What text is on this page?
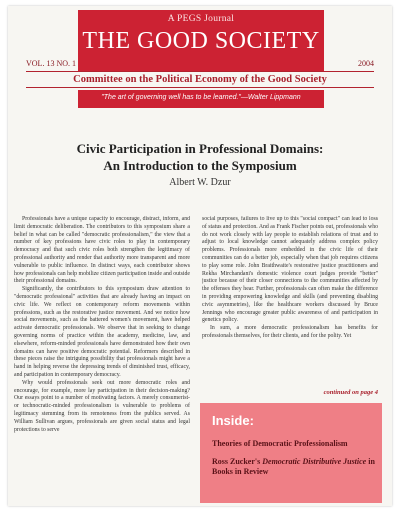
A PEGS Journal
THE GOOD SOCIETY
VOL. 13 NO. 1	2004
Committee on the Political Economy of the Good Society
"The art of governing well has to be learned."—Walter Lippmann
Civic Participation in Professional Domains:
An Introduction to the Symposium
Albert W. Dzur

Professionals have a unique capacity to encourage, distract, inform, and limit democratic deliberation. The contributors to this symposium share a belief in what can be called "democratic professionalism," the view that a number of key professions have civic roles to play in contemporary democracy and that such civic roles both strengthen the legitimacy of professional authority and render that authority more transparent and more vulnerable to public influence. In distinct ways, each contributor shows how professionals can help mobilize citizen participation inside and outside their professional domains.

Significantly, the contributors to this symposium draw attention to "democratic professional" activities that are already having an impact on civic life. We reflect on contemporary reform movements within professions, such as the restorative justice movement. And we notice how social movements, such as the battered women's movement, have helped activate democratic professionals. We observe that in seeking to change governing norms of practice within the academy, medicine, law, and elsewhere, reform-minded professionals have demonstrated how their own domains can have positive democratic potential. Reformers described in these pieces raise the intriguing possibility that professionals might have a hand in helping reverse the depressing trends of diminished trust, efficacy, and participation in contemporary democracy.

Why would professionals seek out more democratic roles and encourage, for example, more lay participation in their decision-making? Our essays point to a number of motivating factors. A merely consumerist- or technocratic-minded professionalism is vulnerable to problems of legitimacy stemming from its remoteness from the publics served. As William Sullivan argues, professionals are given social status and legal protections to serve

social purposes, failures to live up to this "social compact" can lead to loss of status and protection. And as Frank Fischer points out, professionals who do not work closely with lay people to establish relations of trust and to adjust to local knowledge cannot adequately address complex policy problems. Professionals more embedded in the civic life of their communities can do a better job, especially when that job requires citizens to play some role. John Braithwaite's restorative justice practitioners and Rekha Mirchandani's domestic violence court judges provide "better" justice because of their closer connections to the communities affected by the offenses they hear. Further, professionals can often make the difference in providing empowering knowledge and skills (and preventing disabling civic asymmetries), like the healthcare workers discussed by Bruce Jennings who encourage greater public awareness of and participation in genetics policy.

In sum, a more democratic professionalism has benefits for professionals themselves, for their clients, and for the polity. Yet

continued on page 4
Inside:
Theories of Democratic Professionalism
Ross Zucker's Democratic Distributive Justice in Books in Review
